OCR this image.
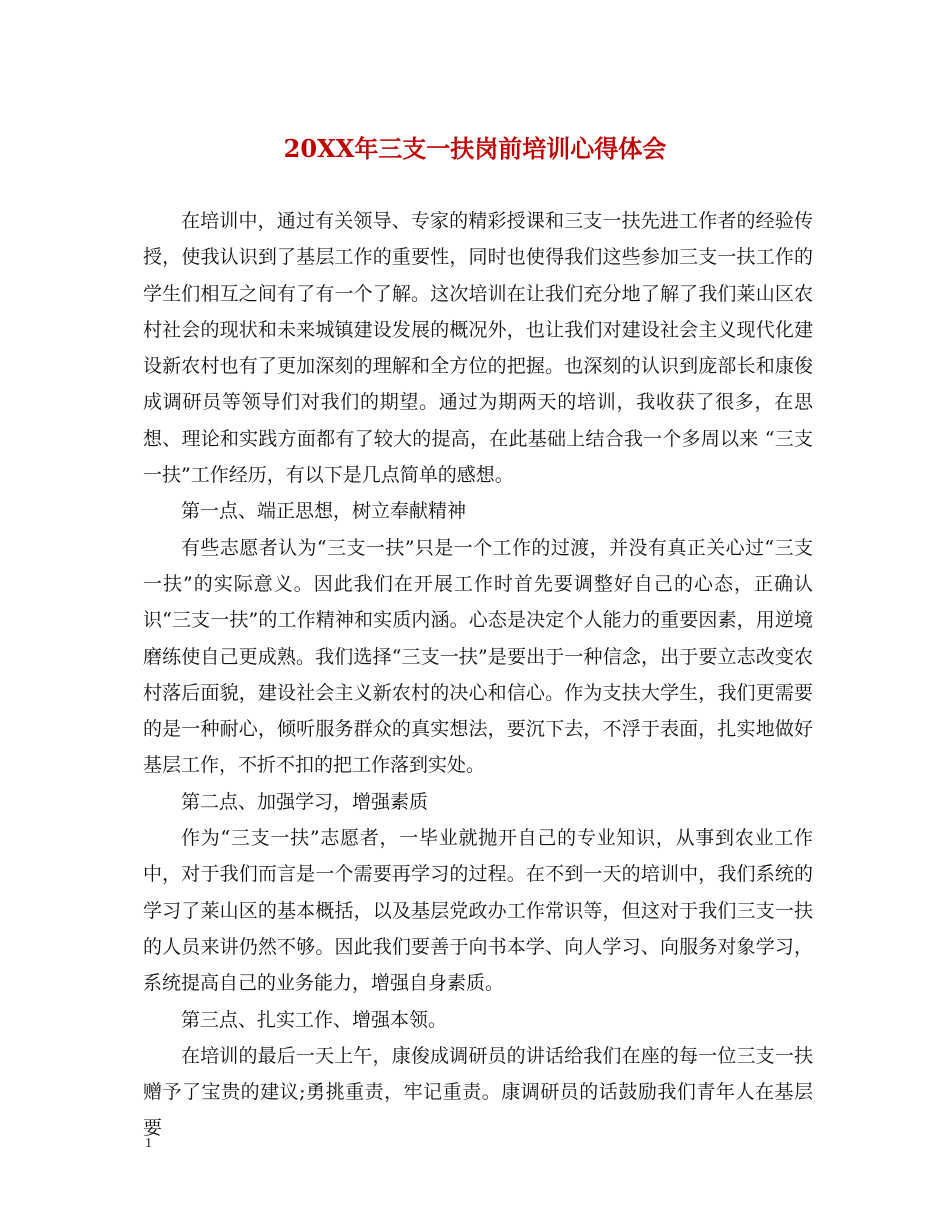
20XX年三支一扶岗前培训心得体会

在培训中，通过有关领导、专家的精彩授课和三支一扶先进工作者的经验传授，使我认识到了基层工作的重要性，同时也使得我们这些参加三支一扶工作的学生们相互之间有了有一个了解。这次培训在让我们充分地了解了我们莱山区农村社会的现状和未来城镇建设发展的概况外，也让我们对建设社会主义现代化建设新农村也有了更加深刻的理解和全方位的把握。也深刻的认识到庞部长和康俊成调研员等领导们对我们的期望。通过为期两天的培训，我收获了很多，在思想、理论和实践方面都有了较大的提高，在此基础上结合我一个多周以来 “三支一扶”工作经历，有以下是几点简单的感想。

第一点、端正思想，树立奉献精神

有些志愿者认为“三支一扶”只是一个工作的过渡，并没有真正关心过“三支一扶”的实际意义。因此我们在开展工作时首先要调整好自己的心态，正确认识“三支一扶”的工作精神和实质内涵。心态是决定个人能力的重要因素，用逆境磨练使自己更成熟。我们选择“三支一扶”是要出于一种信念，出于要立志改变农村落后面貌，建设社会主义新农村的决心和信心。作为支扶大学生，我们更需要的是一种耐心，倾听服务群众的真实想法，要沉下去，不浮于表面，扎实地做好基层工作，不折不扣的把工作落到实处。

第二点、加强学习，增强素质

作为“三支一扶”志愿者，一毕业就抛开自己的专业知识，从事到农业工作中，对于我们而言是一个需要再学习的过程。在不到一天的培训中，我们系统的学习了莱山区的基本概括，以及基层党政办工作常识等，但这对于我们三支一扶的人员来讲仍然不够。因此我们要善于向书本学、向人学习、向服务对象学习，系统提高自己的业务能力，增强自身素质。

第三点、扎实工作、增强本领。

在培训的最后一天上午，康俊成调研员的讲话给我们在座的每一位三支一扶赠予了宝贵的建议;勇挑重责，牢记重责。康调研员的话鼓励我们青年人在基层要

1
